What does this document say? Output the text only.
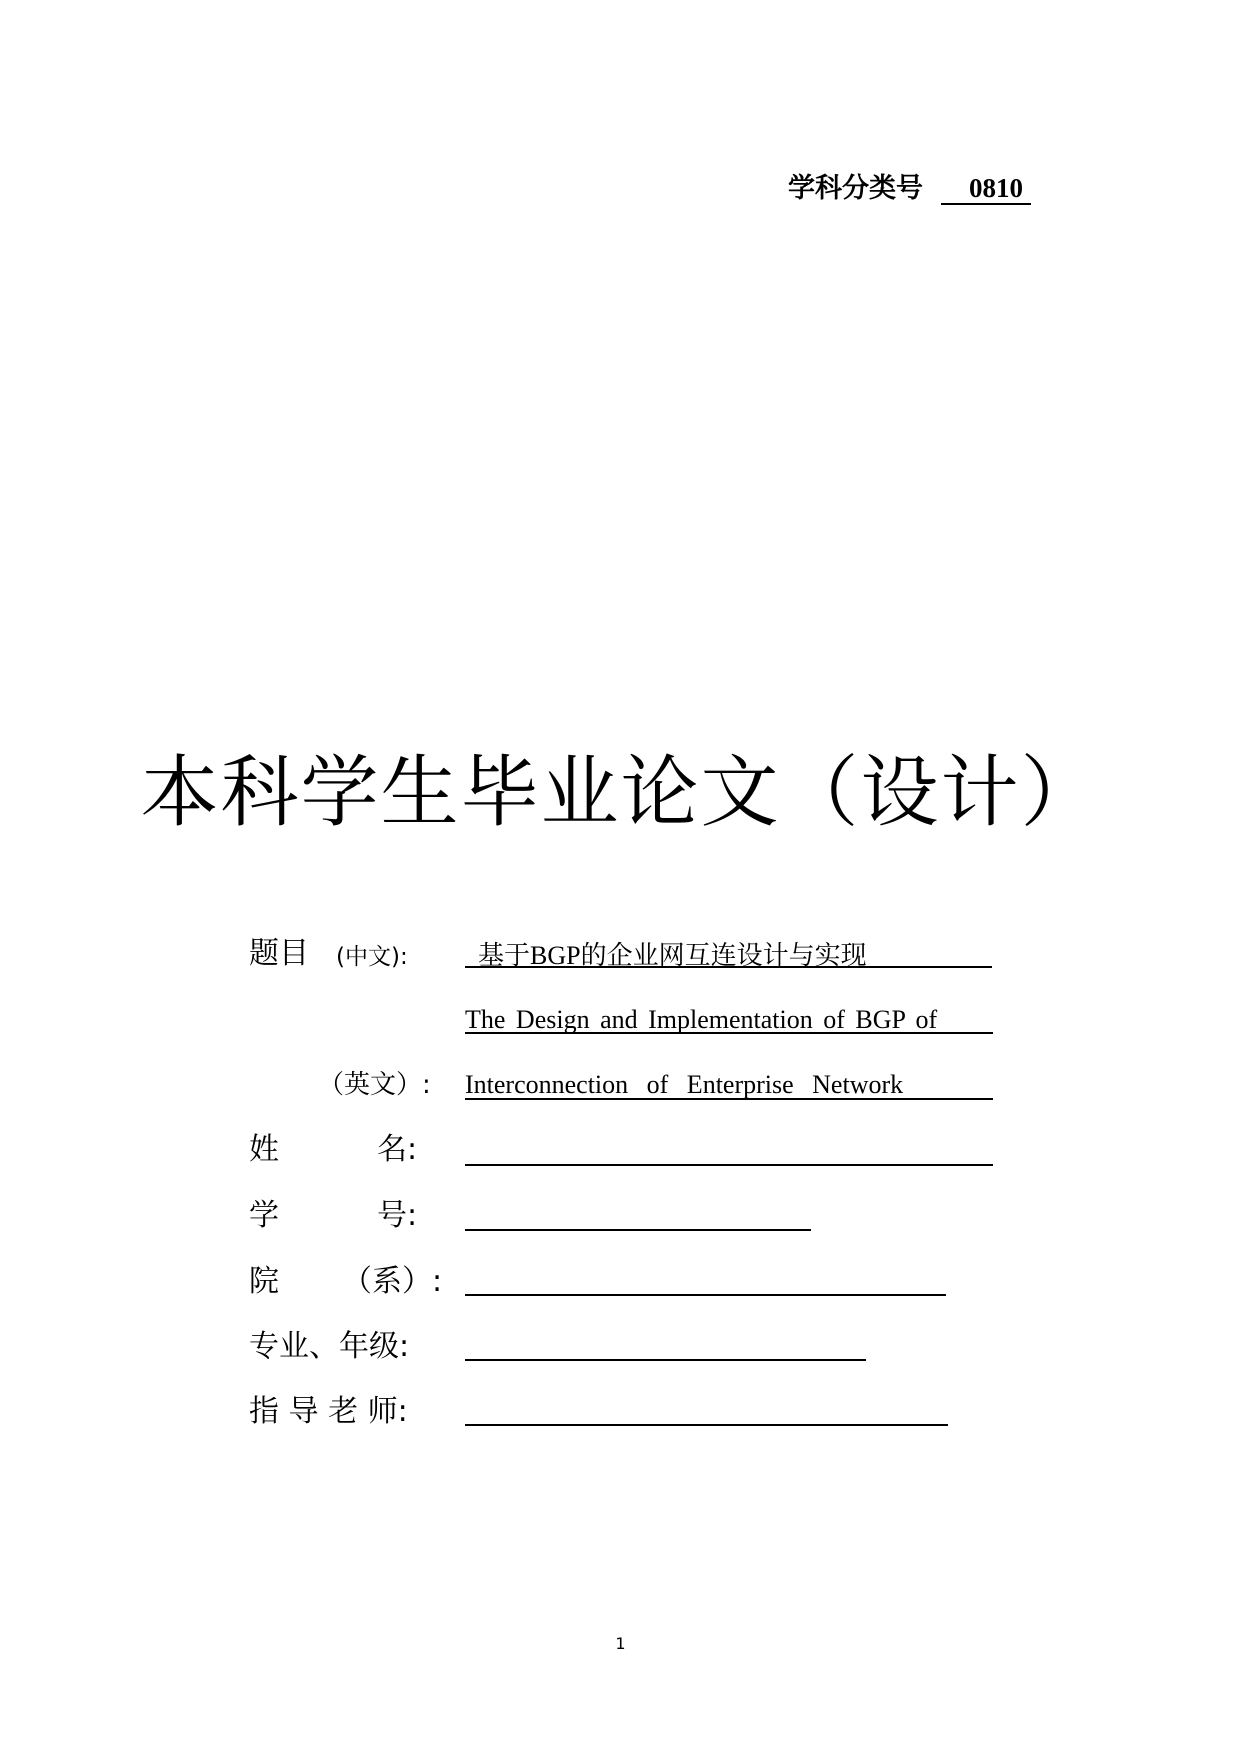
学科分类号 0810
本科学生毕业论文（设计）
题目 (中文):	基于BGP的企业网互连设计与实现
The Design and Implementation of BGP of
（英文）: Interconnection of Enterprise Network
姓	名:
学	号:
院 （系）:
专业、年级:
指 导 老 师:
1
